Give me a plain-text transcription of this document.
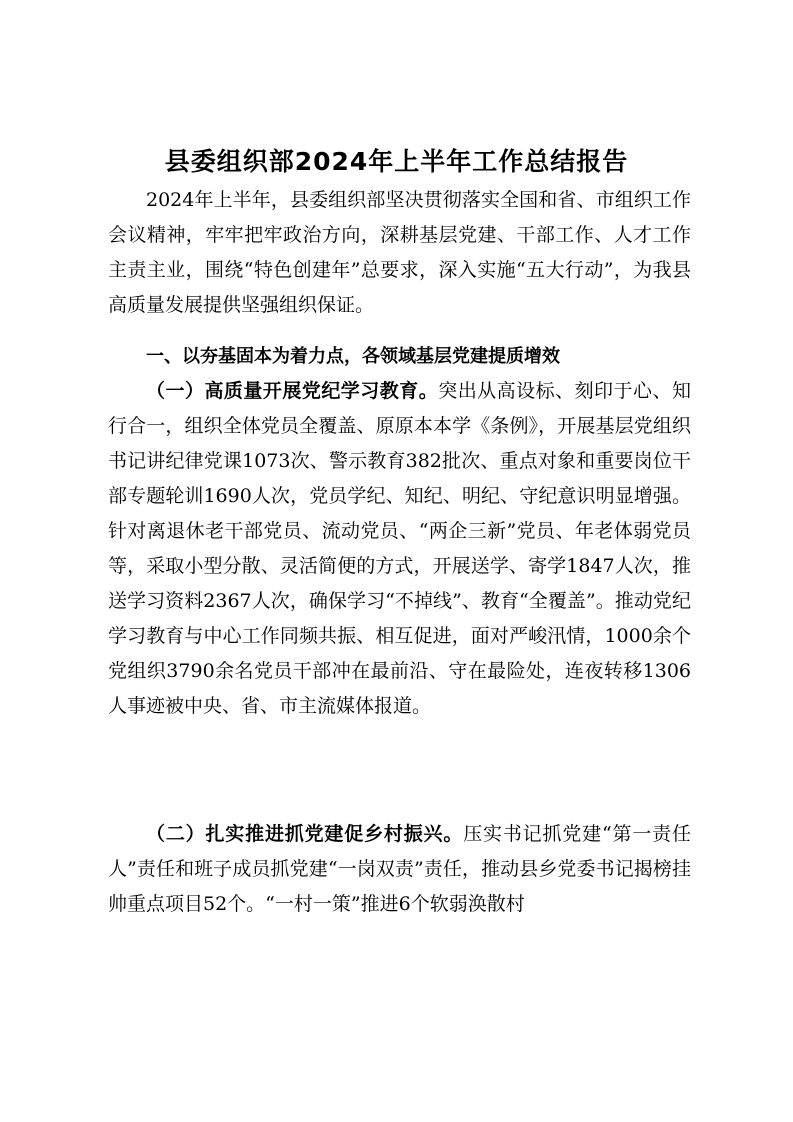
县委组织部2024年上半年工作总结报告

2024年上半年，县委组织部坚决贯彻落实全国和省、市组织工作会议精神，牢牢把牢政治方向，深耕基层党建、干部工作、人才工作主责主业，围绕“特色创建年”总要求，深入实施“五大行动”，为我县高质量发展提供坚强组织保证。

一、以夯基固本为着力点，各领域基层党建提质增效

（一）高质量开展党纪学习教育。突出从高设标、刻印于心、知行合一，组织全体党员全覆盖、原原本本学《条例》，开展基层党组织书记讲纪律党课1073次、警示教育382批次、重点对象和重要岗位干部专题轮训1690人次，党员学纪、知纪、明纪、守纪意识明显增强。针对离退休老干部党员、流动党员、“两企三新”党员、年老体弱党员等，采取小型分散、灵活简便的方式，开展送学、寄学1847人次，推送学习资料2367人次，确保学习“不掉线”、教育“全覆盖”。推动党纪学习教育与中心工作同频共振、相互促进，面对严峻汛情，1000余个党组织3790余名党员干部冲在最前沿、守在最险处，连夜转移1306人事迹被中央、省、市主流媒体报道。

（二）扎实推进抓党建促乡村振兴。压实书记抓党建“第一责任人”责任和班子成员抓党建“一岗双责”责任，推动县乡党委书记揭榜挂帅重点项目52个。“一村一策”推进6个软弱涣散村
